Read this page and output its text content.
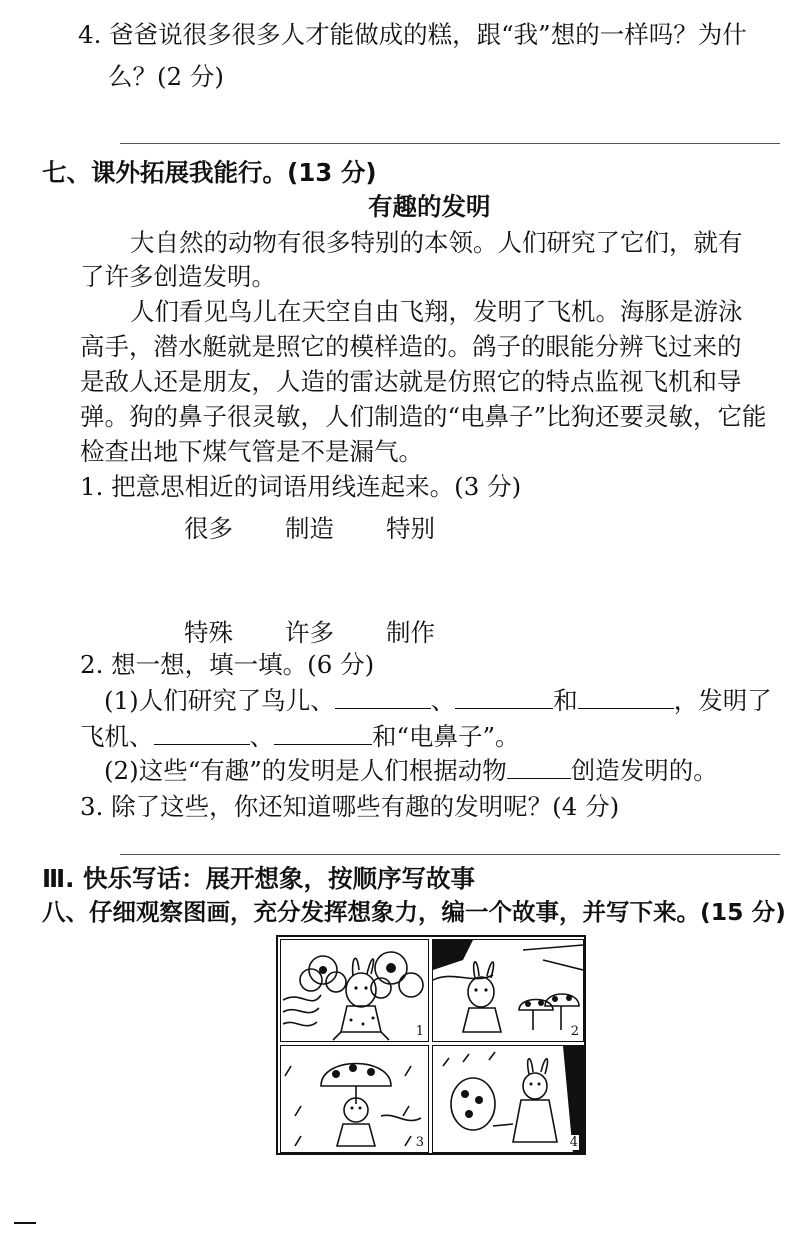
4. 爸爸说很多很多人才能做成的糕，跟“我”想的一样吗？为什
么？(2 分)
七、课外拓展我能行。(13 分)
有趣的发明
大自然的动物有很多特别的本领。人们研究了它们，就有
了许多创造发明。
人们看见鸟儿在天空自由飞翔，发明了飞机。海豚是游泳
高手，潜水艇就是照它的模样造的。鸽子的眼能分辨飞过来的
是敌人还是朋友，人造的雷达就是仿照它的特点监视飞机和导
弹。狗的鼻子很灵敏，人们制造的“电鼻子”比狗还要灵敏，它能
检查出地下煤气管是不是漏气。
1. 把意思相近的词语用线连起来。(3 分)
很多 制造 特别
特殊 许多 制作
2. 想一想，填一填。(6 分)
(1)人们研究了鸟儿、	、	和	，发明了
飞机、	、	和“电鼻子”。
(2)这些“有趣”的发明是人们根据动物	创造发明的。
3. 除了这些，你还知道哪些有趣的发明呢？(4 分)
Ⅲ. 快乐写话：展开想象，按顺序写故事
八、仔细观察图画，充分发挥想象力，编一个故事，并写下来。(15 分)
1	2
3	4
